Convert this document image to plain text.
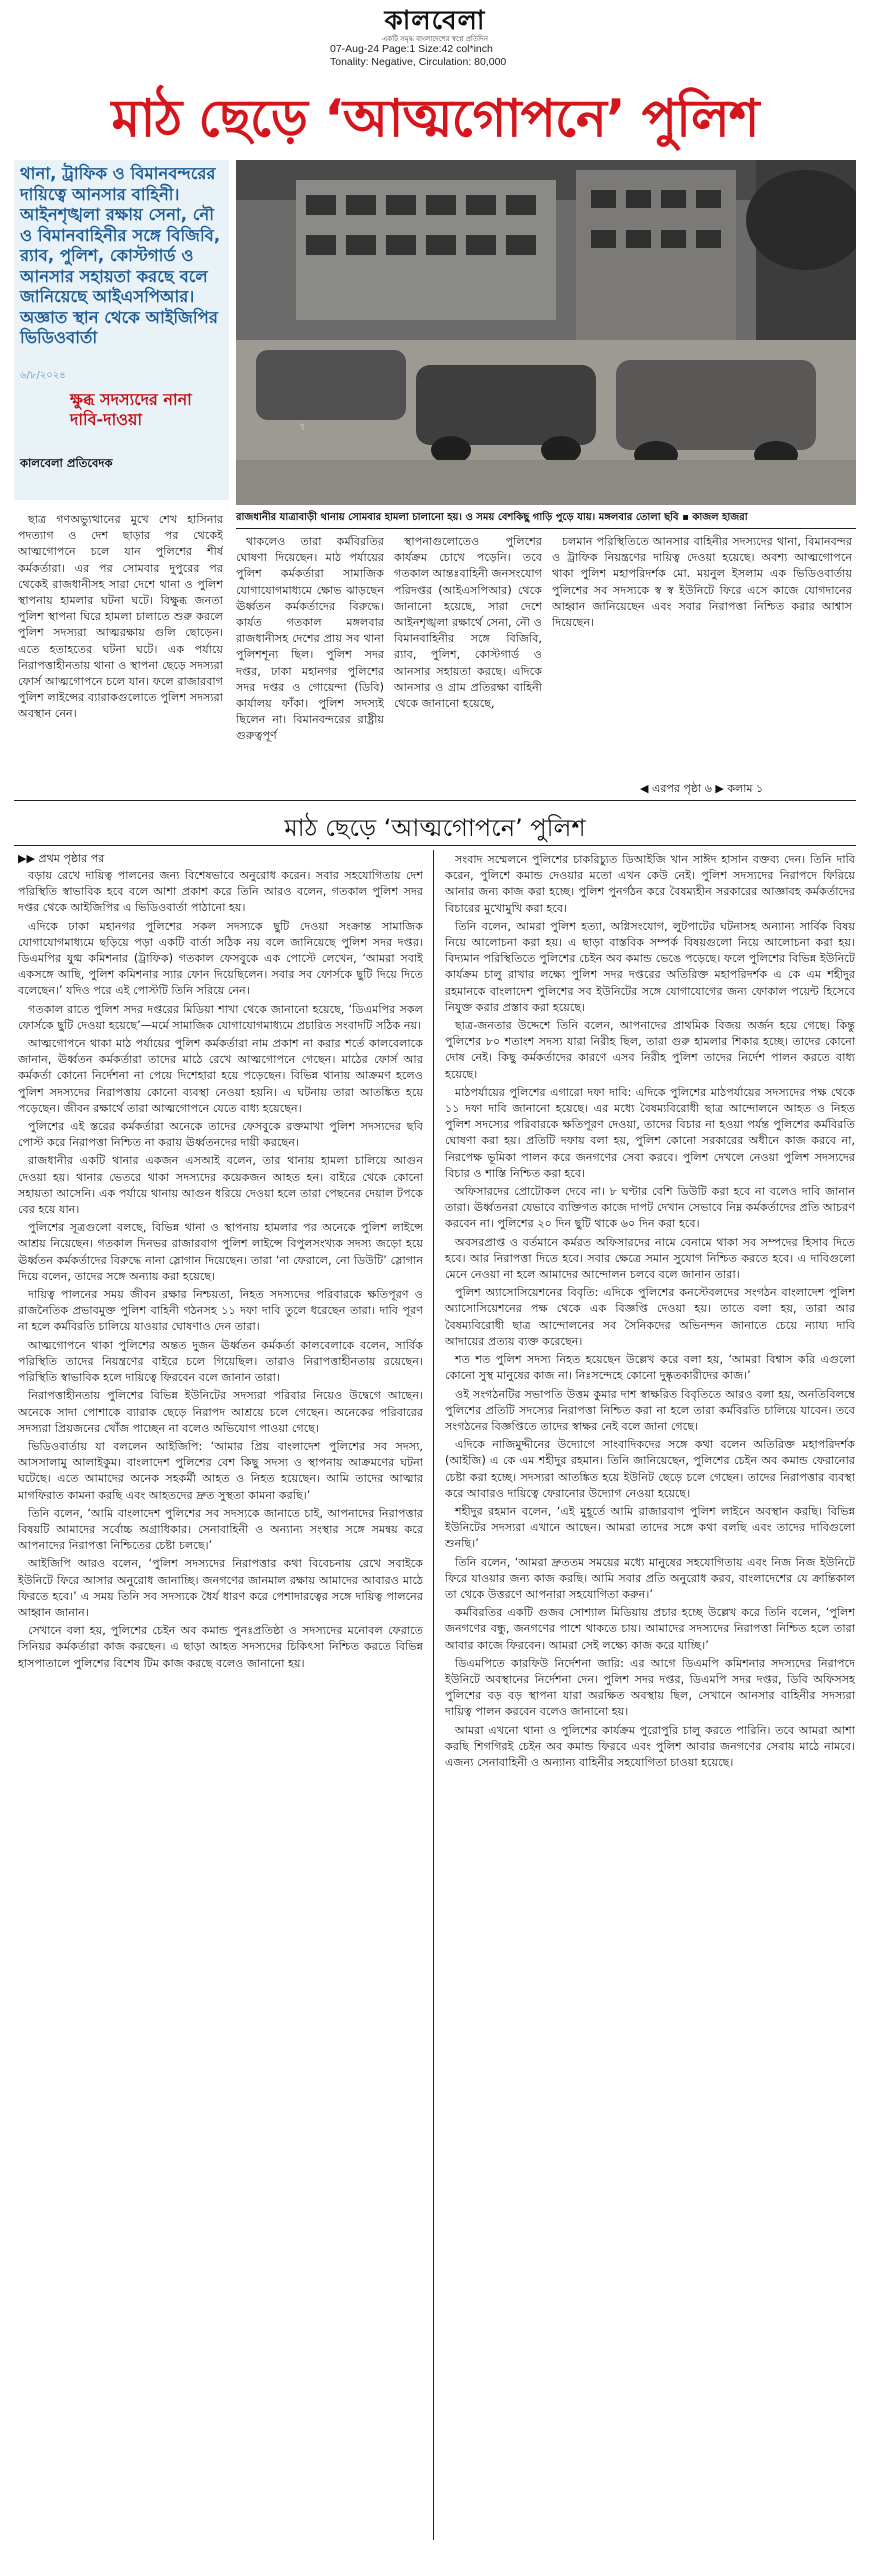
কালবেলা
একটি সমৃদ্ধ বাংলাদেশের স্বপ্নে প্রতিদিন
07-Aug-24 Page:1 Size:42 col*inch
Tonality: Negative, Circulation: 80,000
মাঠ ছেড়ে ‘আত্মগোপনে’ পুলিশ
থানা, ট্রাফিক ও বিমানবন্দরের দায়িত্বে আনসার বাহিনী। আইনশৃঙ্খলা রক্ষায় সেনা, নৌ ও বিমানবাহিনীর সঙ্গে বিজিবি, র‍্যাব, পুলিশ, কোস্টগার্ড ও আনসার সহায়তা করছে বলে জানিয়েছে আইএসপিআর। অজ্ঞাত স্থান থেকে আইজিপির ভিডিওবার্তা
৬/৮/২০২৪
ক্ষুব্ধ সদস্যদের নানা দাবি-দাওয়া
কালবেলা প্রতিবেদক
রাজধানীর যাত্রাবাড়ী থানায় সোমবার হামলা চালানো হয়। ও সময় বেশকিছু গাড়ি পুড়ে যায়। মঙ্গলবার তোলা ছবি ▪ কাজল হাজরা

ছাত্র গণঅভ্যুত্থানের মুখে শেখ হাসিনার পদত্যাগ ও দেশ ছাড়ার পর থেকেই আত্মগোপনে চলে যান পুলিশের শীর্ষ কর্মকর্তারা। এর পর সোমবার দুপুরের পর থেকেই রাজধানীসহ সারা দেশে থানা ও পুলিশ স্থাপনায় হামলার ঘটনা ঘটে। বিক্ষুব্ধ জনতা পুলিশ স্থাপনা ঘিরে হামলা চালাতে শুরু করলে পুলিশ সদস্যরা আত্মরক্ষায় গুলি ছোড়েন। এতে হতাহতের ঘটনা ঘটে। এক পর্যায়ে নিরাপত্তাহীনতায় থানা ও স্থাপনা ছেড়ে সদস্যরা ফোর্স আত্মগোপনে চলে যান। ফলে রাজারবাগ পুলিশ লাইন্সের ব্যারাকগুলোতে পুলিশ সদস্যরা অবস্থান নেন।

থাকলেও তারা কর্মবিরতির ঘোষণা দিয়েছেন। মাঠ পর্যায়ের পুলিশ কর্মকর্তারা সামাজিক যোগাযোগমাধ্যমে ক্ষোভ ঝাড়ছেন ঊর্ধ্বতন কর্মকর্তাদের বিরুদ্ধে। কার্যত গতকাল মঙ্গলবার রাজধানীসহ দেশের প্রায় সব থানা পুলিশশূন্য ছিল। পুলিশ সদর দপ্তর, ঢাকা মহানগর পুলিশের সদর দপ্তর ও গোয়েন্দা (ডিবি) কার্যালয় ফাঁকা। পুলিশ সদস্যই ছিলেন না। বিমানবন্দরের রাষ্ট্রীয় গুরুত্বপূর্ণ

স্থাপনাগুলোতেও পুলিশের কার্যক্রম চোখে পড়েনি। তবে গতকাল আন্তঃবাহিনী জনসংযোগ পরিদপ্তর (আইএসপিআর) থেকে জানানো হয়েছে, সারা দেশে আইনশৃঙ্খলা রক্ষার্থে সেনা, নৌ ও বিমানবাহিনীর সঙ্গে বিজিবি, র‍্যাব, পুলিশ, কোস্টগার্ড ও আনসার সহায়তা করছে। এদিকে আনসার ও গ্রাম প্রতিরক্ষা বাহিনী থেকে জানানো হয়েছে,

চলমান পরিস্থিতিতে আনসার বাহিনীর সদস্যদের থানা, বিমানবন্দর ও ট্রাফিক নিয়ন্ত্রণের দায়িত্ব দেওয়া হয়েছে। অবশ্য আত্মগোপনে থাকা পুলিশ মহাপরিদর্শক মো. ময়নুল ইসলাম এক ভিডিওবার্তায় পুলিশের সব সদস্যকে স্ব স্ব ইউনিটে ফিরে এসে কাজে যোগদানের আহ্বান জানিয়েছেন এবং সবার নিরাপত্তা নিশ্চিত করার আশ্বাস দিয়েছেন।

◀ এরপর পৃষ্ঠা ৬ ▶ কলাম ১
মাঠ ছেড়ে ‘আত্মগোপনে’ পুলিশ
▶▶ প্রথম পৃষ্ঠার পর

বড়ায় রেখে দায়িত্ব পালনের জন্য বিশেষভাবে অনুরোধ করেন। সবার সহযোগিতায় দেশ পরিস্থিতি স্বাভাবিক হবে বলে আশা প্রকাশ করে তিনি আরও বলেন, গতকাল পুলিশ সদর দপ্তর থেকে আইজিপির এ ভিডিওবার্তা পাঠানো হয়।

এদিকে ঢাকা মহানগর পুলিশের সকল সদস্যকে ছুটি দেওয়া সংক্রান্ত সামাজিক যোগাযোগমাধ্যমে ছড়িয়ে পড়া একটি বার্তা সঠিক নয় বলে জানিয়েছে পুলিশ সদর দপ্তর। ডিএমপির যুগ্ম কমিশনার (ট্রাফিক) গতকাল ফেসবুকে এক পোস্টে লেখেন, ‘আমরা সবাই একসঙ্গে আছি, পুলিশ কমিশনার স্যার ফোন দিয়েছিলেন। সবার সব ফোর্সকে ছুটি দিয়ে দিতে বলেছেন।’ যদিও পরে এই পোস্টটি তিনি সরিয়ে নেন।

গতকাল রাতে পুলিশ সদর দপ্তরের মিডিয়া শাখা থেকে জানানো হয়েছে, ‘ডিএমপির সকল ফোর্সকে ছুটি দেওয়া হয়েছে’—মর্মে সামাজিক যোগাযোগমাধ্যমে প্রচারিত সংবাদটি সঠিক নয়।

আত্মগোপনে থাকা মাঠ পর্যায়ের পুলিশ কর্মকর্তারা নাম প্রকাশ না করার শর্তে কালবেলাকে জানান, ঊর্ধ্বতন কর্মকর্তারা তাদের মাঠে রেখে আত্মগোপনে গেছেন। মাঠের ফোর্স আর কর্মকর্তা কোনো নির্দেশনা না পেয়ে দিশেহারা হয়ে পড়েছেন। বিভিন্ন থানায় আক্রমণ হলেও পুলিশ সদস্যদের নিরাপত্তায় কোনো ব্যবস্থা নেওয়া হয়নি। এ ঘটনায় তারা আতঙ্কিত হয়ে পড়েছেন। জীবন রক্ষার্থে তারা আত্মগোপনে যেতে বাধ্য হয়েছেন।

পুলিশের এই স্তরের কর্মকর্তারা অনেকে তাদের ফেসবুকে রক্তমাখা পুলিশ সদস্যদের ছবি পোস্ট করে নিরাপত্তা নিশ্চিত না করায় ঊর্ধ্বতনদের দায়ী করছেন।

রাজধানীর একটি থানার একজন এসআই বলেন, তার থানায় হামলা চালিয়ে আগুন দেওয়া হয়। থানার ভেতরে থাকা সদস্যদের কয়েকজন আহত হন। বাইরে থেকে কোনো সহায়তা আসেনি। এক পর্যায়ে থানায় আগুন ধরিয়ে দেওয়া হলে তারা পেছনের দেয়াল টপকে বের হয়ে যান।

পুলিশের সূত্রগুলো বলছে, বিভিন্ন থানা ও স্থাপনায় হামলার পর অনেকে পুলিশ লাইন্সে আশ্রয় নিয়েছেন। গতকাল দিনভর রাজারবাগ পুলিশ লাইন্সে বিপুলসংখ্যক সদস্য জড়ো হয়ে ঊর্ধ্বতন কর্মকর্তাদের বিরুদ্ধে নানা স্লোগান দিয়েছেন। তারা ‘না ফেরালে, নো ডিউটি’ স্লোগান দিয়ে বলেন, তাদের সঙ্গে অন্যায় করা হয়েছে।

দায়িত্ব পালনের সময় জীবন রক্ষার নিশ্চয়তা, নিহত সদস্যদের পরিবারকে ক্ষতিপূরণ ও রাজনৈতিক প্রভাবমুক্ত পুলিশ বাহিনী গঠনসহ ১১ দফা দাবি তুলে ধরেছেন তারা। দাবি পূরণ না হলে কর্মবিরতি চালিয়ে যাওয়ার ঘোষণাও দেন তারা।

আত্মগোপনে থাকা পুলিশের অন্তত দুজন ঊর্ধ্বতন কর্মকর্তা কালবেলাকে বলেন, সার্বিক পরিস্থিতি তাদের নিয়ন্ত্রণের বাইরে চলে গিয়েছিল। তারাও নিরাপত্তাহীনতায় রয়েছেন। পরিস্থিতি স্বাভাবিক হলে দায়িত্বে ফিরবেন বলে জানান তারা।

নিরাপত্তাহীনতায় পুলিশের বিভিন্ন ইউনিটের সদস্যরা পরিবার নিয়েও উদ্বেগে আছেন। অনেকে সাদা পোশাকে ব্যারাক ছেড়ে নিরাপদ আশ্রয়ে চলে গেছেন। অনেকের পরিবারের সদস্যরা প্রিয়জনের খোঁজ পাচ্ছেন না বলেও অভিযোগ পাওয়া গেছে।

ভিডিওবার্তায় যা বললেন আইজিপি: ‘আমার প্রিয় বাংলাদেশ পুলিশের সব সদস্য, আসসালামু আলাইকুম। বাংলাদেশ পুলিশের বেশ কিছু সদস্য ও স্থাপনায় আক্রমণের ঘটনা ঘটেছে। এতে আমাদের অনেক সহকর্মী আহত ও নিহত হয়েছেন। আমি তাদের আত্মার মাগফিরাত কামনা করছি এবং আহতদের দ্রুত সুস্থতা কামনা করছি।’

তিনি বলেন, ‘আমি বাংলাদেশ পুলিশের সব সদস্যকে জানাতে চাই, আপনাদের নিরাপত্তার বিষয়টি আমাদের সর্বোচ্চ অগ্রাধিকার। সেনাবাহিনী ও অন্যান্য সংস্থার সঙ্গে সমন্বয় করে আপনাদের নিরাপত্তা নিশ্চিতের চেষ্টা চলছে।’

আইজিপি আরও বলেন, ‘পুলিশ সদস্যদের নিরাপত্তার কথা বিবেচনায় রেখে সবাইকে ইউনিটে ফিরে আসার অনুরোধ জানাচ্ছি। জনগণের জানমাল রক্ষায় আমাদের আবারও মাঠে ফিরতে হবে।’ এ সময় তিনি সব সদস্যকে ধৈর্য ধারণ করে পেশাদারত্বের সঙ্গে দায়িত্ব পালনের আহ্বান জানান।

সেখানে বলা হয়, পুলিশের চেইন অব কমান্ড পুনঃপ্রতিষ্ঠা ও সদস্যদের মনোবল ফেরাতে সিনিয়র কর্মকর্তারা কাজ করছেন। এ ছাড়া আহত সদস্যদের চিকিৎসা নিশ্চিত করতে বিভিন্ন হাসপাতালে পুলিশের বিশেষ টিম কাজ করছে বলেও জানানো হয়।

সংবাদ সম্মেলনে পুলিশের চাকরিচ্যুত ডিআইজি খান সাঈদ হাসান বক্তব্য দেন। তিনি দাবি করেন, পুলিশে কমান্ড দেওয়ার মতো এখন কেউ নেই। পুলিশ সদস্যদের নিরাপদে ফিরিয়ে আনার জন্য কাজ করা হচ্ছে। পুলিশ পুনর্গঠন করে বৈষম্যহীন সরকারের আজ্ঞাবহ কর্মকর্তাদের বিচারের মুখোমুখি করা হবে।

তিনি বলেন, আমরা পুলিশ হত্যা, অগ্নিসংযোগ, লুটপাটের ঘটনাসহ অন্যান্য সার্বিক বিষয় নিয়ে আলোচনা করা হয়। এ ছাড়া বাস্তবিক সম্পর্ক বিষয়গুলো নিয়ে আলোচনা করা হয়। বিদ্যমান পরিস্থিতিতে পুলিশের চেইন অব কমান্ড ভেঙে পড়েছে। ফলে পুলিশের বিভিন্ন ইউনিটে কার্যক্রম চালু রাখার লক্ষ্যে পুলিশ সদর দপ্তরের অতিরিক্ত মহাপরিদর্শক এ কে এম শহীদুর রহমানকে বাংলাদেশ পুলিশের সব ইউনিটের সঙ্গে যোগাযোগের জন্য ফোকাল পয়েন্ট হিসেবে নিযুক্ত করার প্রস্তাব করা হয়েছে।

ছাত্র-জনতার উদ্দেশে তিনি বলেন, আপনাদের প্রাথমিক বিজয় অর্জন হয়ে গেছে। কিন্তু পুলিশের ৮০ শতাংশ সদস্য যারা নিরীহ ছিল, তারা গুরু হামলার শিকার হচ্ছে। তাদের কোনো দোষ নেই। কিছু কর্মকর্তাদের কারণে এসব নিরীহ পুলিশ তাদের নির্দেশ পালন করতে বাধ্য হয়েছে।

মাঠপর্যায়ের পুলিশের এগারো দফা দাবি: এদিকে পুলিশের মাঠপর্যায়ের সদস্যদের পক্ষ থেকে ১১ দফা দাবি জানানো হয়েছে। এর মধ্যে বৈষম্যবিরোধী ছাত্র আন্দোলনে আহত ও নিহত পুলিশ সদস্যের পরিবারকে ক্ষতিপূরণ দেওয়া, তাদের বিচার না হওয়া পর্যন্ত পুলিশের কর্মবিরতি ঘোষণা করা হয়। প্রতিটি দফায় বলা হয়, পুলিশ কোনো সরকারের অধীনে কাজ করবে না, নিরপেক্ষ ভূমিকা পালন করে জনগণের সেবা করবে। পুলিশ দেখলে নেওয়া পুলিশ সদস্যদের বিচার ও শাস্তি নিশ্চিত করা হবে।

অফিসারদের প্রোটোকল দেবে না। ৮ ঘণ্টার বেশি ডিউটি করা হবে না বলেও দাবি জানান তারা। ঊর্ধ্বতনরা যেভাবে ব্যক্তিগত কাজে দাপট দেখান সেভাবে নিম্ন কর্মকর্তাদের প্রতি আচরণ করবেন না। পুলিশের ২০ দিন ছুটি থাকে ৬০ দিন করা হবে।

অবসরপ্রাপ্ত ও বর্তমানে কর্মরত অফিসারদের নামে বেনামে থাকা সব সম্পদের হিসাব দিতে হবে। আর নিরাপত্তা দিতে হবে। সবার ক্ষেত্রে সমান সুযোগ নিশ্চিত করতে হবে। এ দাবিগুলো মেনে নেওয়া না হলে আমাদের আন্দোলন চলবে বলে জানান তারা।

পুলিশ অ্যাসোসিয়েশনের বিবৃতি: এদিকে পুলিশের কনস্টেবলদের সংগঠন বাংলাদেশ পুলিশ অ্যাসোসিয়েশনের পক্ষ থেকে এক বিজ্ঞপ্তি দেওয়া হয়। তাতে বলা হয়, তারা আর বৈষম্যবিরোধী ছাত্র আন্দোলনের সব সৈনিকদের অভিনন্দন জানাতে চেয়ে ন্যায্য দাবি আদায়ের প্রত্যয় ব্যক্ত করেছেন।

শত শত পুলিশ সদস্য নিহত হয়েছেন উল্লেখ করে বলা হয়, ‘আমরা বিশ্বাস করি এগুলো কোনো সুস্থ মানুষের কাজ না। নিঃসন্দেহে কোনো দুষ্কৃতকারীদের কাজ।’

ওই সংগঠনটির সভাপতি উত্তম কুমার দাশ স্বাক্ষরিত বিবৃতিতে আরও বলা হয়, অনতিবিলম্বে পুলিশের প্রতিটি সদস্যের নিরাপত্তা নিশ্চিত করা না হলে তারা কর্মবিরতি চালিয়ে যাবেন। তবে সংগঠনের বিজ্ঞপ্তিতে তাদের স্বাক্ষর নেই বলে জানা গেছে।

এদিকে নাজিমুদ্দীনের উদ্যোগে সাংবাদিকদের সঙ্গে কথা বলেন অতিরিক্ত মহাপরিদর্শক (আইজি) এ কে এম শহীদুর রহমান। তিনি জানিয়েছেন, পুলিশের চেইন অব কমান্ড ফেরানোর চেষ্টা করা হচ্ছে। সদস্যরা আতঙ্কিত হয়ে ইউনিট ছেড়ে চলে গেছেন। তাদের নিরাপত্তার ব্যবস্থা করে আবারও দায়িত্বে ফেরানোর উদ্যোগ নেওয়া হয়েছে।

শহীদুর রহমান বলেন, ‘এই মুহূর্তে আমি রাজারবাগ পুলিশ লাইনে অবস্থান করছি। বিভিন্ন ইউনিটের সদস্যরা এখানে আছেন। আমরা তাদের সঙ্গে কথা বলছি এবং তাদের দাবিগুলো শুনছি।’

তিনি বলেন, ‘আমরা দ্রুততম সময়ের মধ্যে মানুষের সহযোগিতায় এবং নিজ নিজ ইউনিটে ফিরে যাওয়ার জন্য কাজ করছি। আমি সবার প্রতি অনুরোধ করব, বাংলাদেশের যে ক্রান্তিকাল তা থেকে উত্তরণে আপনারা সহযোগিতা করুন।’

কর্মবিরতির একটি গুজব সোশ্যাল মিডিয়ায় প্রচার হচ্ছে উল্লেখ করে তিনি বলেন, ‘পুলিশ জনগণের বন্ধু, জনগণের পাশে থাকতে চায়। আমাদের সদস্যদের নিরাপত্তা নিশ্চিত হলে তারা আবার কাজে ফিরবেন। আমরা সেই লক্ষ্যে কাজ করে যাচ্ছি।’

ডিএমপিতে কারফিউ নির্দেশনা জারি: এর আগে ডিএমপি কমিশনার সদস্যদের নিরাপদে ইউনিটে অবস্থানের নির্দেশনা দেন। পুলিশ সদর দপ্তর, ডিএমপি সদর দপ্তর, ডিবি অফিসসহ পুলিশের বড় বড় স্থাপনা যারা অরক্ষিত অবস্থায় ছিল, সেখানে আনসার বাহিনীর সদস্যরা দায়িত্ব পালন করবেন বলেও জানানো হয়।

আমরা এখনো থানা ও পুলিশের কার্যক্রম পুরোপুরি চালু করতে পারিনি। তবে আমরা আশা করছি শিগগিরই চেইন অব কমান্ড ফিরবে এবং পুলিশ আবার জনগণের সেবায় মাঠে নামবে। এজন্য সেনাবাহিনী ও অন্যান্য বাহিনীর সহযোগিতা চাওয়া হয়েছে।

ধ
